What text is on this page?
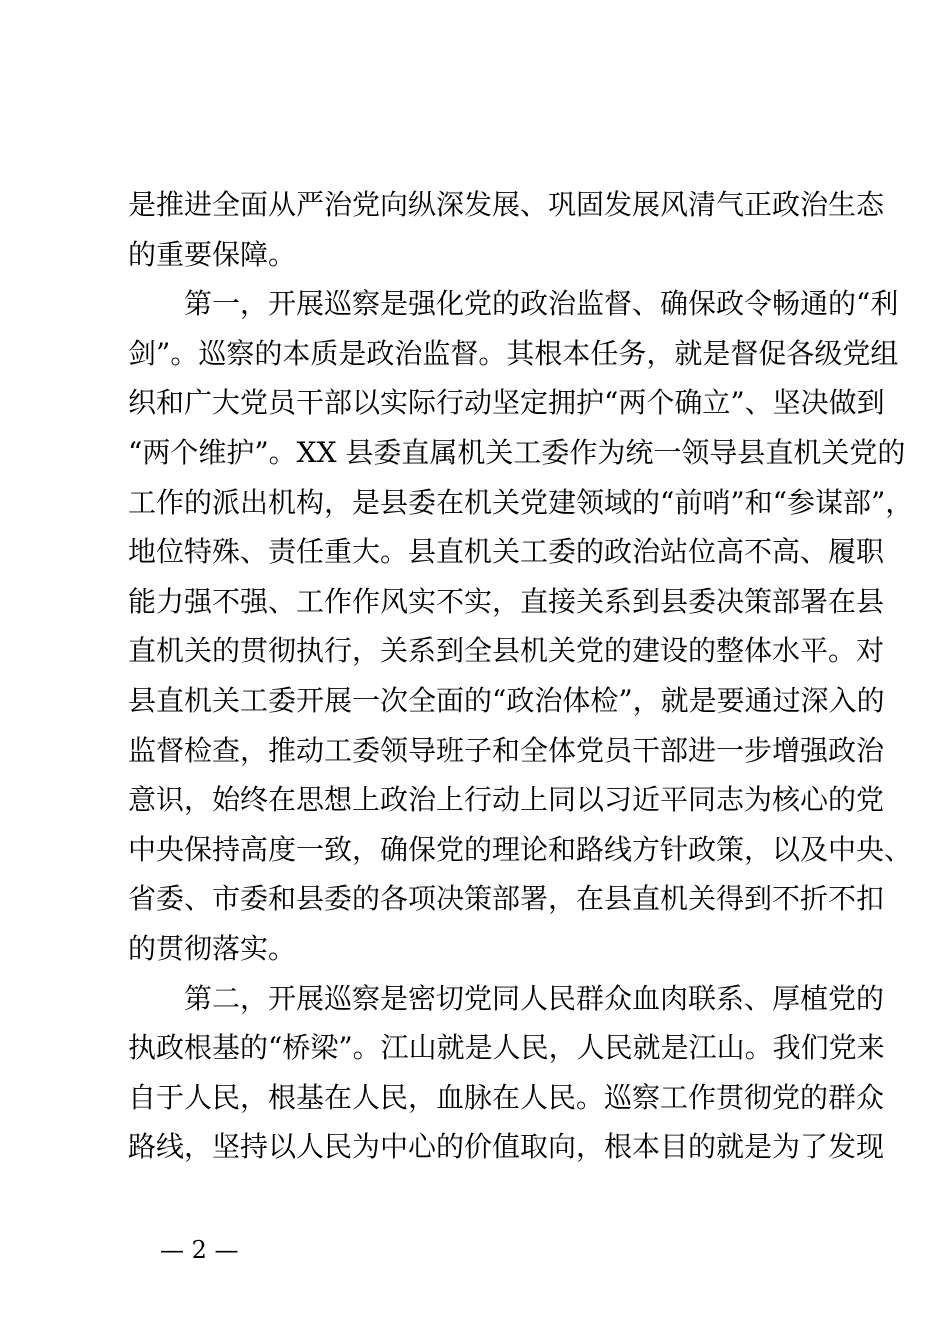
是推进全面从严治党向纵深发展、巩固发展风清气正政治生态
的重要保障。
　　第一，开展巡察是强化党的政治监督、确保政令畅通的“利
剑”。巡察的本质是政治监督。其根本任务，就是督促各级党组
织和广大党员干部以实际行动坚定拥护“两个确立”、坚决做到
“两个维护”。XX 县委直属机关工委作为统一领导县直机关党的
工作的派出机构，是县委在机关党建领域的“前哨”和“参谋部”，
地位特殊、责任重大。县直机关工委的政治站位高不高、履职
能力强不强、工作作风实不实，直接关系到县委决策部署在县
直机关的贯彻执行，关系到全县机关党的建设的整体水平。对
县直机关工委开展一次全面的“政治体检”，就是要通过深入的
监督检查，推动工委领导班子和全体党员干部进一步增强政治
意识，始终在思想上政治上行动上同以习近平同志为核心的党
中央保持高度一致，确保党的理论和路线方针政策，以及中央、
省委、市委和县委的各项决策部署，在县直机关得到不折不扣
的贯彻落实。
　　第二，开展巡察是密切党同人民群众血肉联系、厚植党的
执政根基的“桥梁”。江山就是人民，人民就是江山。我们党来
自于人民，根基在人民，血脉在人民。巡察工作贯彻党的群众
路线，坚持以人民为中心的价值取向，根本目的就是为了发现
— 2 —
